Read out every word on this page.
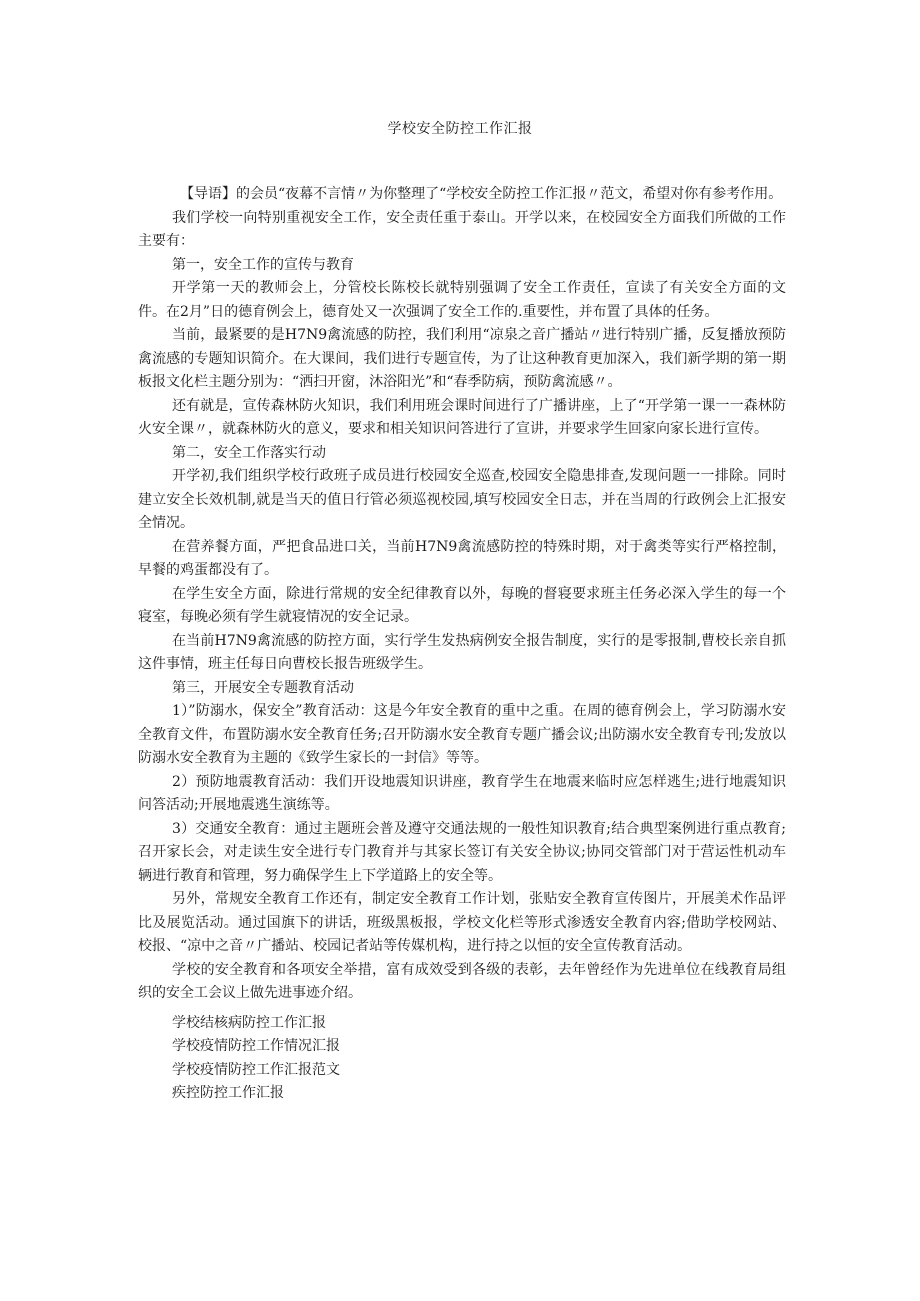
学校安全防控工作汇报

【导语】的会员“夜幕不言情〃为你整理了“学校安全防控工作汇报〃范文，希望对你有参考作用。

我们学校一向特别重视安全工作，安全责任重于泰山。开学以来，在校园安全方面我们所做的工作主要有：

第一，安全工作的宣传与教育

开学第一天的教师会上，分管校长陈校长就特别强调了安全工作责任，宣读了有关安全方面的文件。在2月”日的德育例会上，德育处又一次强调了安全工作的.重要性，并布置了具体的任务。

当前，最紧要的是H7N9禽流感的防控，我们利用“凉泉之音广播站〃进行特别广播，反复播放预防禽流感的专题知识简介。在大课间，我们进行专题宣传，为了让这种教育更加深入，我们新学期的第一期板报文化栏主题分别为：“洒扫开窗，沐浴阳光”和“春季防病，预防禽流感〃。

还有就是，宣传森林防火知识，我们利用班会课时间进行了广播讲座，上了“开学第一课一一森林防火安全课〃，就森林防火的意义，要求和相关知识问答进行了宣讲，并要求学生回家向家长进行宣传。

第二，安全工作落实行动

开学初,我们组织学校行政班子成员进行校园安全巡查,校园安全隐患排查,发现问题一一排除。同时建立安全长效机制,就是当天的值日行管必须巡视校园,填写校园安全日志，并在当周的行政例会上汇报安全情况。

在营养餐方面，严把食品进口关，当前H7N9禽流感防控的特殊时期，对于禽类等实行严格控制，早餐的鸡蛋都没有了。

在学生安全方面，除进行常规的安全纪律教育以外，每晚的督寝要求班主任务必深入学生的每一个寝室，每晚必须有学生就寝情况的安全记录。

在当前H7N9禽流感的防控方面，实行学生发热病例安全报告制度，实行的是零报制,曹校长亲自抓这件事情，班主任每日向曹校长报告班级学生。

第三，开展安全专题教育活动

1）”防溺水，保安全”教育活动：这是今年安全教育的重中之重。在周的德育例会上，学习防溺水安全教育文件，布置防溺水安全教育任务;召开防溺水安全教育专题广播会议;出防溺水安全教育专刊;发放以防溺水安全教育为主题的《致学生家长的一封信》等等。

2）预防地震教育活动：我们开设地震知识讲座，教育学生在地震来临时应怎样逃生;进行地震知识问答活动;开展地震逃生演练等。

3）交通安全教育：通过主题班会普及遵守交通法规的一般性知识教育;结合典型案例进行重点教育;召开家长会，对走读生安全进行专门教育并与其家长签订有关安全协议;协同交管部门对于营运性机动车辆进行教育和管理，努力确保学生上下学道路上的安全等。

另外，常规安全教育工作还有，制定安全教育工作计划，张贴安全教育宣传图片，开展美术作品评比及展览活动。通过国旗下的讲话，班级黑板报，学校文化栏等形式渗透安全教育内容;借助学校网站、校报、“凉中之音〃广播站、校园记者站等传媒机构，进行持之以恒的安全宣传教育活动。

学校的安全教育和各项安全举措，富有成效受到各级的表彰，去年曾经作为先进单位在线教育局组织的安全工会议上做先进事迹介绍。

学校结核病防控工作汇报

学校疫情防控工作情况汇报

学校疫情防控工作汇报范文

疾控防控工作汇报
